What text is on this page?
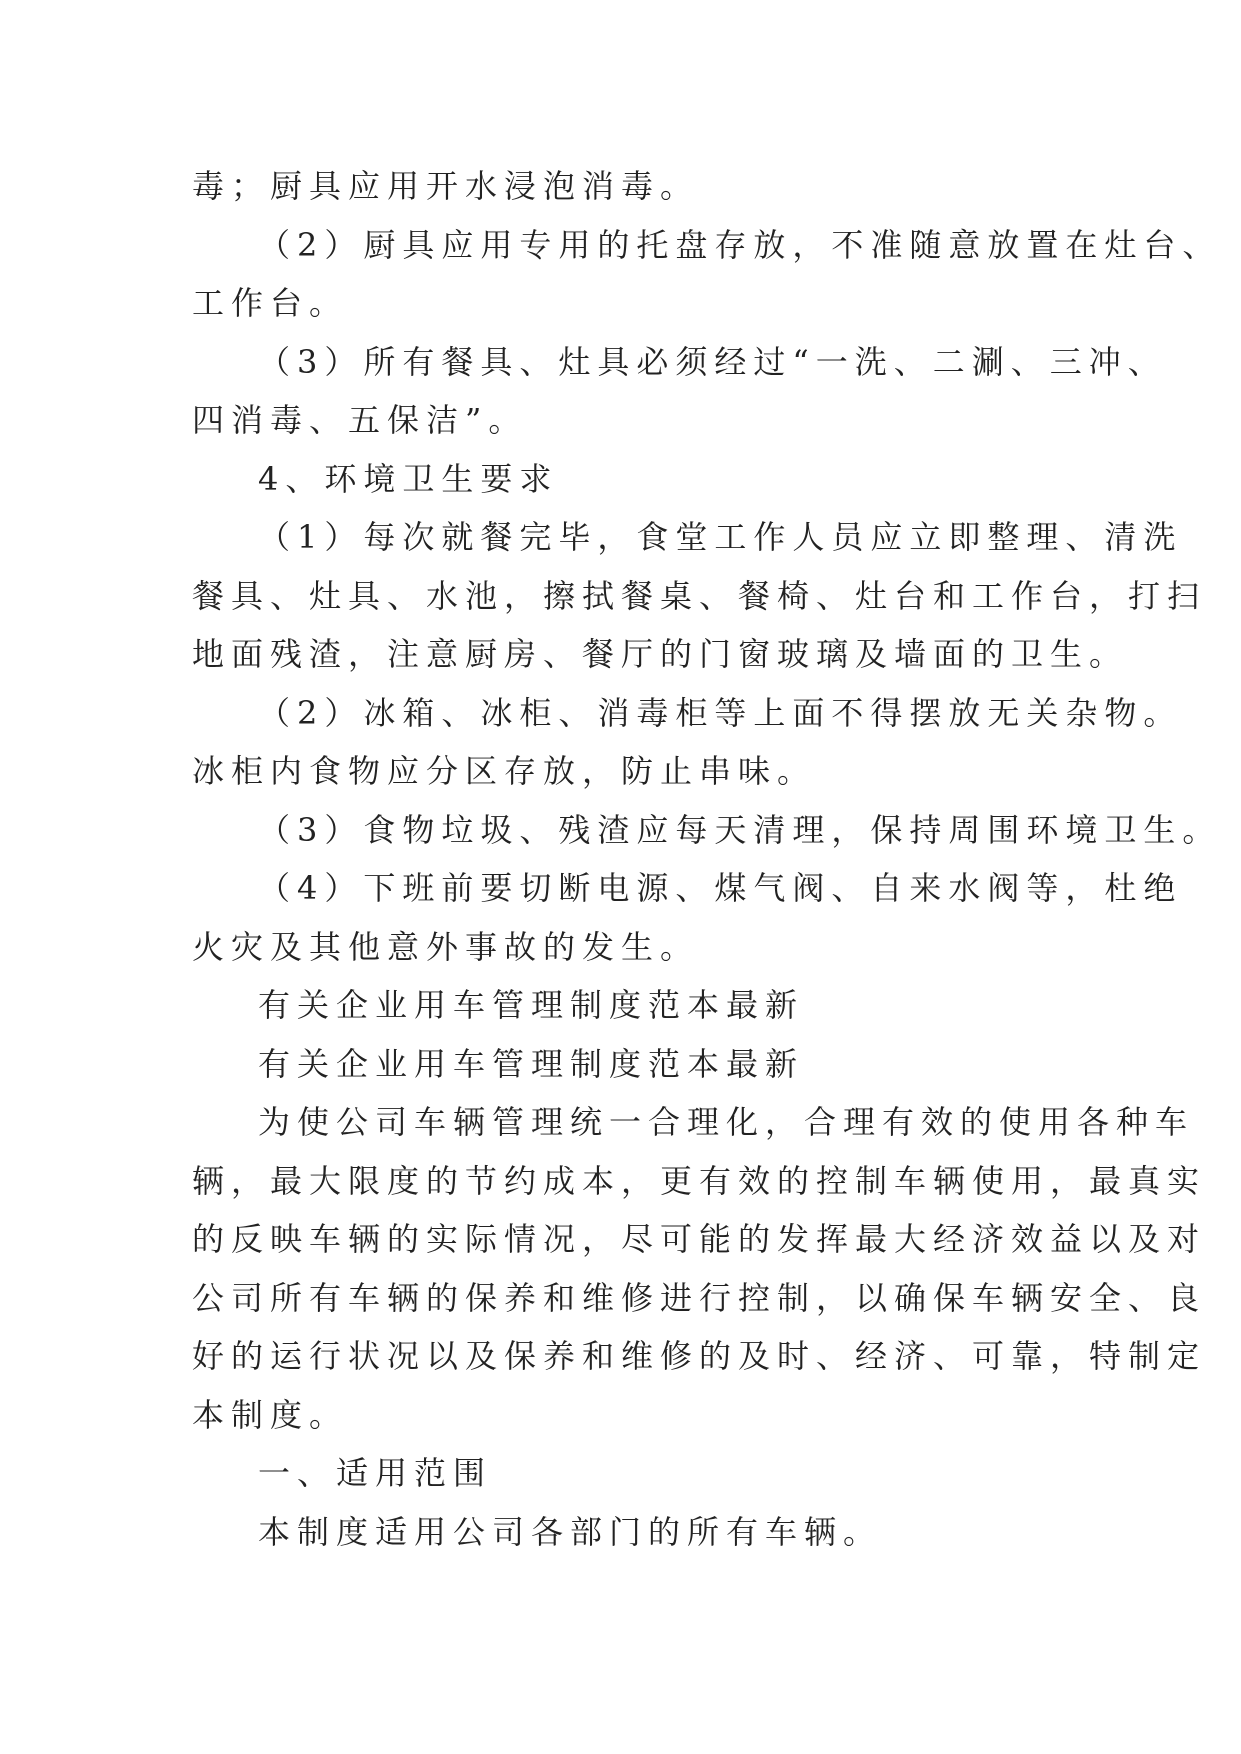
毒；厨具应用开水浸泡消毒。
（2）厨具应用专用的托盘存放，不准随意放置在灶台、
工作台。
（3）所有餐具、灶具必须经过“一洗、二涮、三冲、
四消毒、五保洁”。
4、环境卫生要求
（1）每次就餐完毕，食堂工作人员应立即整理、清洗
餐具、灶具、水池，擦拭餐桌、餐椅、灶台和工作台，打扫
地面残渣，注意厨房、餐厅的门窗玻璃及墙面的卫生。
（2）冰箱、冰柜、消毒柜等上面不得摆放无关杂物。
冰柜内食物应分区存放，防止串味。
（3）食物垃圾、残渣应每天清理，保持周围环境卫生。
（4）下班前要切断电源、煤气阀、自来水阀等，杜绝
火灾及其他意外事故的发生。
有关企业用车管理制度范本最新
有关企业用车管理制度范本最新
为使公司车辆管理统一合理化，合理有效的使用各种车
辆，最大限度的节约成本，更有效的控制车辆使用，最真实
的反映车辆的实际情况，尽可能的发挥最大经济效益以及对
公司所有车辆的保养和维修进行控制，以确保车辆安全、良
好的运行状况以及保养和维修的及时、经济、可靠，特制定
本制度。
一、适用范围
本制度适用公司各部门的所有车辆。
